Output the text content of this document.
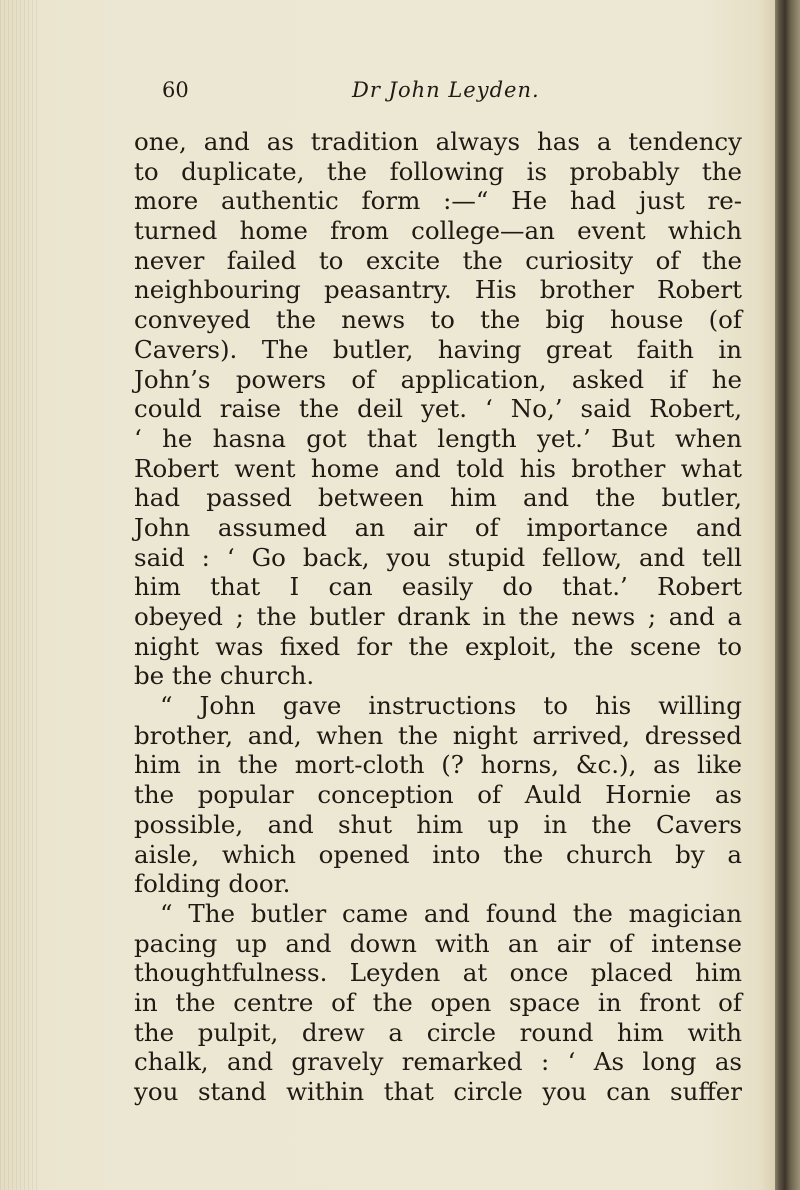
60	Dr John Leyden.
one, and as tradition always has a tendency
to duplicate, the following is probably the
more authentic form :—“ He had just re-
turned home from college—an event which
never failed to excite the curiosity of the
neighbouring peasantry. His brother Robert
conveyed the news to the big house (of
Cavers). The butler, having great faith in
John’s powers of application, asked if he
could raise the deil yet. ‘ No,’ said Robert,
‘ he hasna got that length yet.’ But when
Robert went home and told his brother what
had passed between him and the butler,
John assumed an air of importance and
said : ‘ Go back, you stupid fellow, and tell
him that I can easily do that.’ Robert
obeyed ; the butler drank in the news ; and a
night was fixed for the exploit, the scene to
be the church.
“ John gave instructions to his willing
brother, and, when the night arrived, dressed
him in the mort-cloth (? horns, &c.), as like
the popular conception of Auld Hornie as
possible, and shut him up in the Cavers
aisle, which opened into the church by a
folding door.
“ The butler came and found the magician
pacing up and down with an air of intense
thoughtfulness. Leyden at once placed him
in the centre of the open space in front of
the pulpit, drew a circle round him with
chalk, and gravely remarked : ‘ As long as
you stand within that circle you can suffer
